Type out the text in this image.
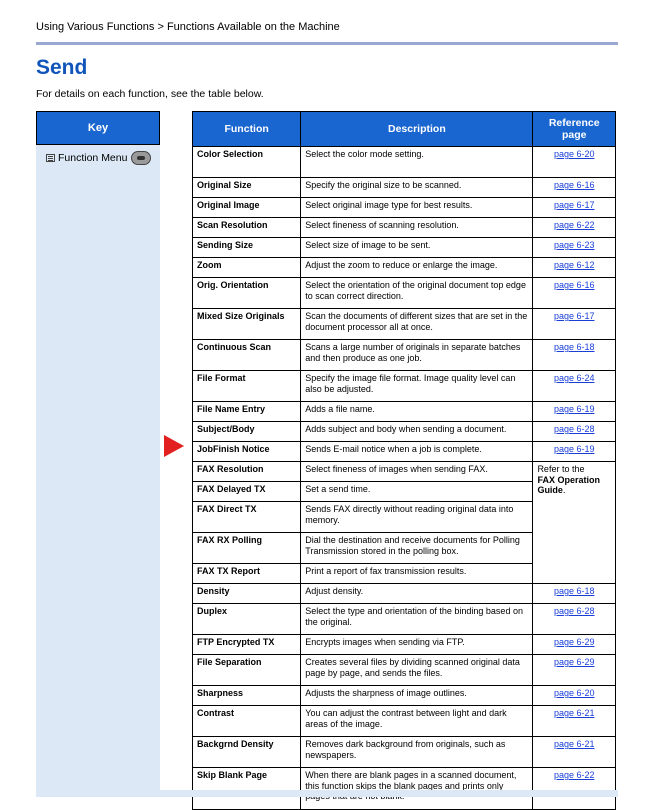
Using Various Functions > Functions Available on the Machine
Send
For details on each function, see the table below.
Key
Function Menu
Function	Description	Reference page
Color Selection	Select the color mode setting.	page 6-20
Original Size	Specify the original size to be scanned.	page 6-16
Original Image	Select original image type for best results.	page 6-17
Scan Resolution	Select fineness of scanning resolution.	page 6-22
Sending Size	Select size of image to be sent.	page 6-23
Zoom	Adjust the zoom to reduce or enlarge the image.	page 6-12
Orig. Orientation	Select the orientation of the original document top edge to scan correct direction.	page 6-16
Mixed Size Originals	Scan the documents of different sizes that are set in the document processor all at once.	page 6-17
Continuous Scan	Scans a large number of originals in separate batches and then produce as one job.	page 6-18
File Format	Specify the image file format. Image quality level can also be adjusted.	page 6-24
File Name Entry	Adds a file name.	page 6-19
Subject/Body	Adds subject and body when sending a document.	page 6-28
JobFinish Notice	Sends E-mail notice when a job is complete.	page 6-19
FAX Resolution	Select fineness of images when sending FAX.	Refer to the
FAX Operation Guide.
FAX Delayed TX	Set a send time.	
FAX Direct TX	Sends FAX directly without reading original data into memory.	
FAX RX Polling	Dial the destination and receive documents for Polling Transmission stored in the polling box.	
FAX TX Report	Print a report of fax transmission results.	
Density	Adjust density.	page 6-18
Duplex	Select the type and orientation of the binding based on the original.	page 6-28
FTP Encrypted TX	Encrypts images when sending via FTP.	page 6-29
File Separation	Creates several files by dividing scanned original data page by page, and sends the files.	page 6-29
Sharpness	Adjusts the sharpness of image outlines.	page 6-20
Contrast	You can adjust the contrast between light and dark areas of the image.	page 6-21
Backgrnd Density	Removes dark background from originals, such as newspapers.	page 6-21
Skip Blank Page	When there are blank pages in a scanned document, this function skips the blank pages and prints only	page 6-22
